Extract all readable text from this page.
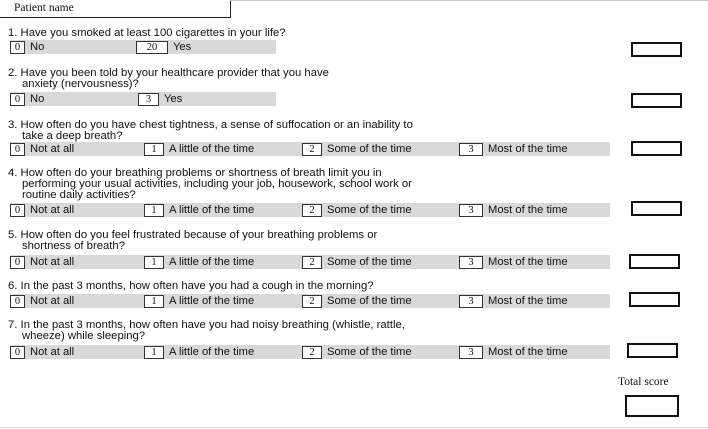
Patient name
1. Have you smoked at least 100 cigarettes in your life?
0 No	20	Yes
2. Have you been told by your healthcare provider that you have
anxiety (nervousness)?
0 No	3	Yes
3. How often do you have chest tightness, a sense of suffocation or an inability to
take a deep breath?
0 Not at all	1	A little of the time	2	Some of the time	3	Most of the time
4. How often do your breathing problems or shortness of breath limit you in
performing your usual activities, including your job, housework, school work or
routine daily activities?
0 Not at all	1	A little of the time	2	Some of the time	3	Most of the time
5. How often do you feel frustrated because of your breathing problems or
shortness of breath?
0 Not at all	1	A little of the time	2	Some of the time	3	Most of the time
6. In the past 3 months, how often have you had a cough in the morning?
0 Not at all	1	A little of the time	2	Some of the time	3	Most of the time
7. In the past 3 months, how often have you had noisy breathing (whistle, rattle,
wheeze) while sleeping?
0 Not at all	1	A little of the time	2	Some of the time	3	Most of the time
Total score
